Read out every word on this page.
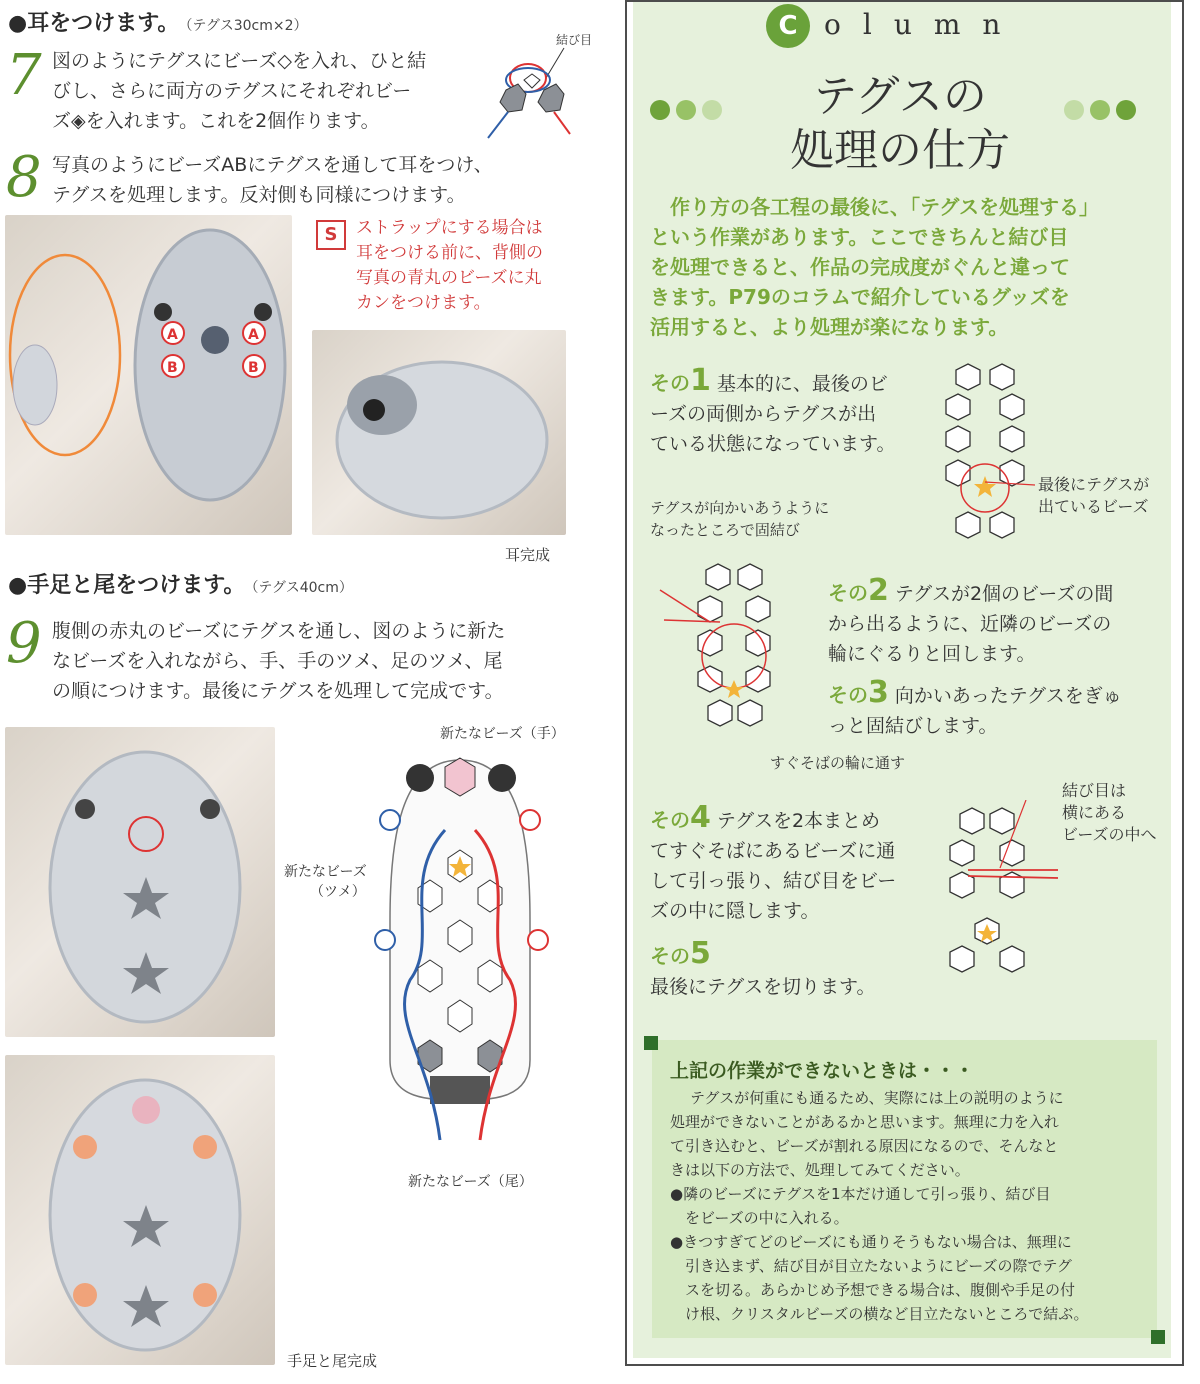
●耳をつけます。 （テグス30cm×2）
7 図のようにテグスにビーズ◇を入れ、ひと結
びし、さらに両方のテグスにそれぞれビー
ズ◈を入れます。これを2個作ります。
結び目
8 写真のようにビーズABにテグスを通して耳をつけ、
テグスを処理します。反対側も同様につけます。
A
B
A
B
S	ストラップにする場合は
耳をつける前に、背側の
写真の青丸のビーズに丸
カンをつけます。
耳完成
●手足と尾をつけます。 （テグス40cm）
9 腹側の赤丸のビーズにテグスを通し、図のように新た
なビーズを入れながら、手、手のツメ、足のツメ、尾
の順につけます。最後にテグスを処理して完成です。
新たなビーズ（手）
新たなビーズ
（ツメ）
新たなビーズ（尾）
手足と尾完成
C olumn
テグスの
処理の仕方
作り方の各工程の最後に、「テグスを処理する」
という作業があります。ここできちんと結び目
を処理できると、作品の完成度がぐんと違って
きます。P79のコラムで紹介しているグッズを
活用すると、より処理が楽になります。
その1 基本的に、最後のビ
ーズの両側からテグスが出
ている状態になっています。
最後にテグスが
出ているビーズ
テグスが向かいあうように
なったところで固結び
その2 テグスが2個のビーズの間
から出るように、近隣のビーズの
輪にぐるりと回します。
その3 向かいあったテグスをぎゅ
っと固結びします。
すぐそばの輪に通す
その4 テグスを2本まとめ
てすぐそばにあるビーズに通
して引っ張り、結び目をビー
ズの中に隠します。
結び目は
横にある
ビーズの中へ
その5
最後にテグスを切ります。
上記の作業ができないときは・・・
テグスが何重にも通るため、実際には上の説明のように
処理ができないことがあるかと思います。無理に力を入れ
て引き込むと、ビーズが割れる原因になるので、そんなと
きは以下の方法で、処理してみてください。
●隣のビーズにテグスを1本だけ通して引っ張り、結び目
　をビーズの中に入れる。
●きつすぎてどのビーズにも通りそうもない場合は、無理に
　引き込まず、結び目が目立たないようにビーズの際でテグ
　スを切る。あらかじめ予想できる場合は、腹側や手足の付
　け根、クリスタルビーズの横など目立たないところで結ぶ。
